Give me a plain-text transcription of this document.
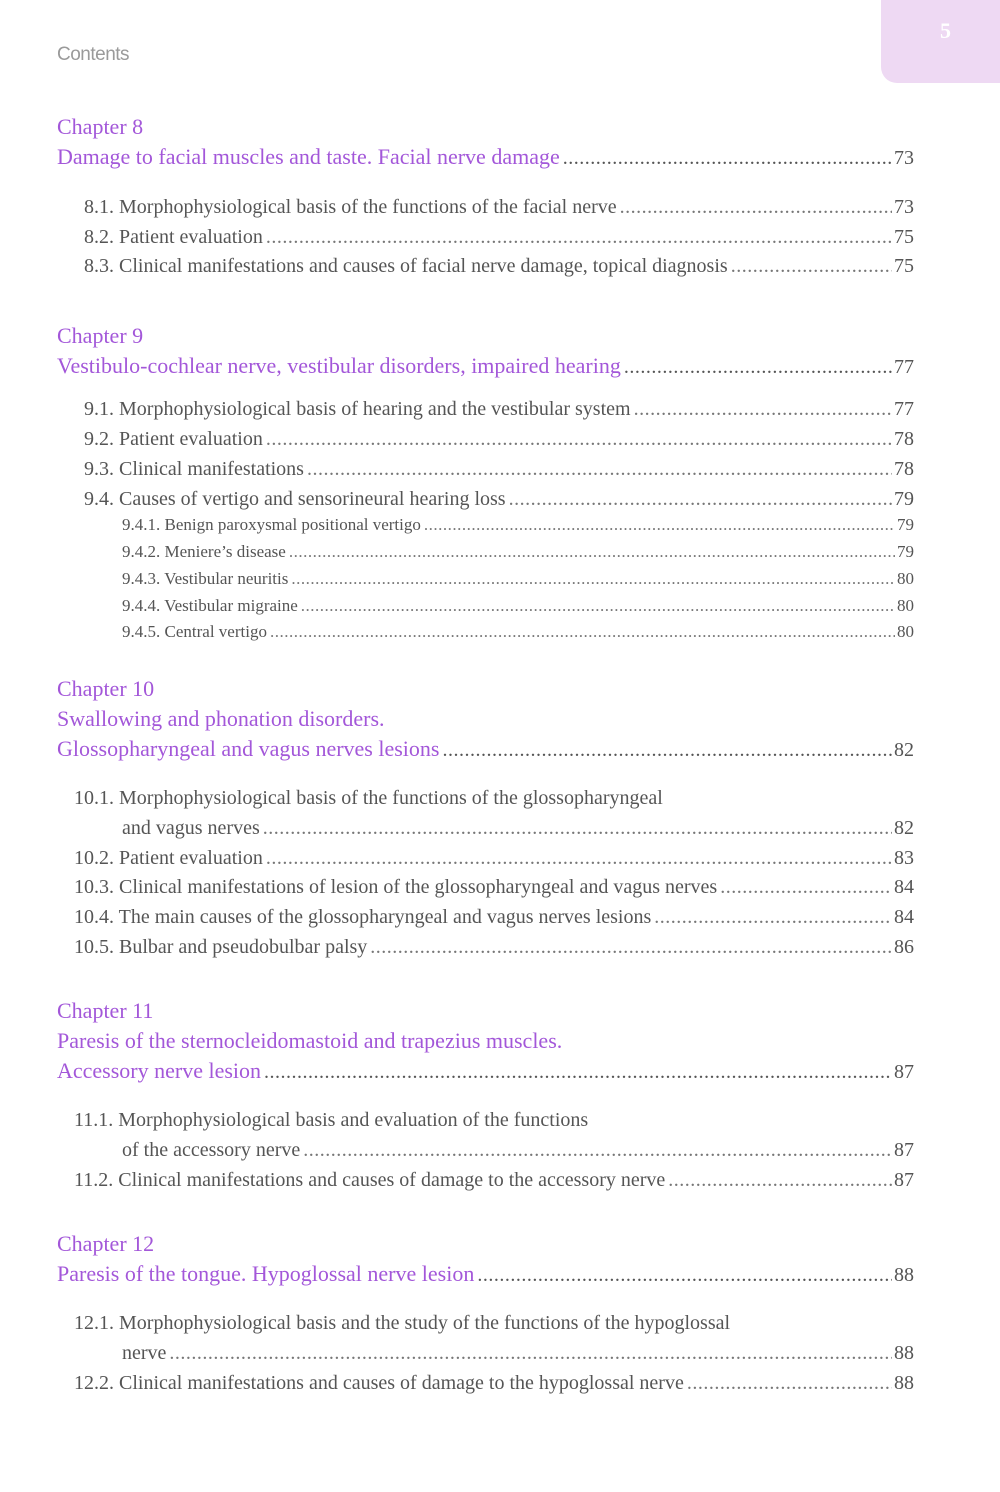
5
Contents
Chapter 8
Damage to facial muscles and taste. Facial nerve damage .....	73
8.1. Morphophysiological basis of the functions of the facial nerve .....	73
8.2. Patient evaluation .....	75
8.3. Clinical manifestations and causes of facial nerve damage, topical diagnosis .....	75
Chapter 9
Vestibulo-cochlear nerve, vestibular disorders, impaired hearing .....	77
9.1. Morphophysiological basis of hearing and the vestibular system .....	77
9.2. Patient evaluation .....	78
9.3. Clinical manifestations .....	78
9.4. Causes of vertigo and sensorineural hearing loss .....	79
9.4.1. Benign paroxysmal positional vertigo .....	79
9.4.2. Meniere’s disease .....	79
9.4.3. Vestibular neuritis .....	80
9.4.4. Vestibular migraine .....	80
9.4.5. Central vertigo .....	80
Chapter 10
Swallowing and phonation disorders.
Glossopharyngeal and vagus nerves lesions .....	82
10.1. Morphophysiological basis of the functions of the glossopharyngeal
and vagus nerves .....	82
10.2. Patient evaluation .....	83
10.3. Clinical manifestations of lesion of the glossopharyngeal and vagus nerves .....	84
10.4. The main causes of the glossopharyngeal and vagus nerves lesions .....	84
10.5. Bulbar and pseudobulbar palsy .....	86
Chapter 11
Paresis of the sternocleidomastoid and trapezius muscles.
Accessory nerve lesion .....	87
11.1. Morphophysiological basis and evaluation of the functions
of the accessory nerve .....	87
11.2. Clinical manifestations and causes of damage to the accessory nerve .....	87
Chapter 12
Paresis of the tongue. Hypoglossal nerve lesion .....	88
12.1. Morphophysiological basis and the study of the functions of the hypoglossal
nerve .....	88
12.2. Clinical manifestations and causes of damage to the hypoglossal nerve .....	88
